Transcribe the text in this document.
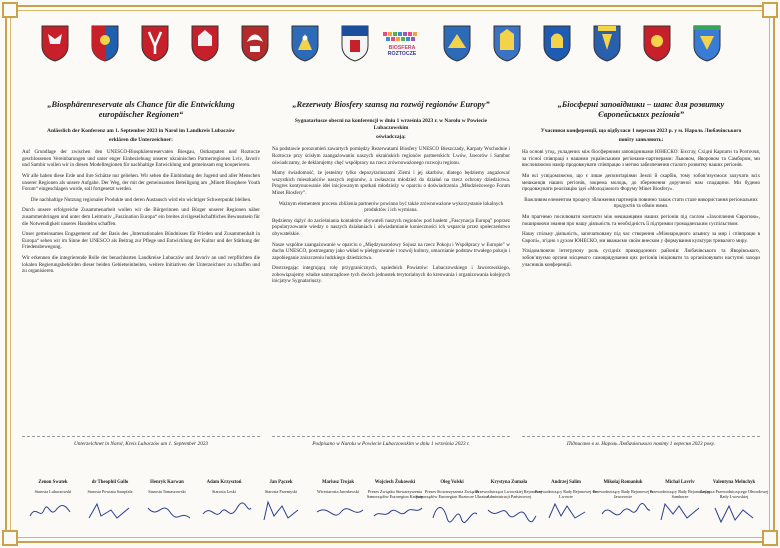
BIOSFERA
ROZTOCZE
„Biosphärenreservate als Chance für die Entwicklung europäischer Regionen“
Anlässlich der Konferenz am 1. September 2023 in Narol im Landkreis Lubaczów
erklären die Unterzeichner:

Auf Grundlage der zwischen den UNESCO-Biosphärenreservaten Biesgau, Ostkarpaten und Roztocze geschlossenen Vereinbarungen und unter enger Einbeziehung unserer ukrainischen Partnerregionen Lviv, Javoriv und Sambir wollen wir in diesen Modellregionen für nachhaltige Entwicklung und gemeinsam eng kooperieren.

Wir alle haben diese Erde und ihre Schätze nur geliehen. Wir sehen die Einbindung der Jugend und aller Menschen unserer Regionen als unsere Aufgabe. Der Weg, der mit der gemeinsamen Beteiligung am „Minett Biosphere Youth Forum“ eingeschlagen wurde, soll fortgesetzt werden.

Die nachhaltige Nutzung regionaler Produkte und deren Austausch wird ein wichtiger Schwerpunkt bleiben.

Durch unsere erfolgreiche Zusammenarbeit wollen wir die Bürgerinnen und Bürger unserer Regionen näher zusammenbringen und unter dem Leitmotiv „Faszination Europa“ ein breites zivilgesellschaftliches Bewusstsein für die Notwendigkeit unseres Handelns schaffen.

Unser gemeinsames Engagement auf der Basis des „Internationalen Bündnisses für Frieden und Zusammenhalt in Europa“ sehen wir im Sinne der UNESCO als Beitrag zur Pflege und Entwicklung der Kultur und der Stärkung der Friedensbewegung.

Wir erkennen die integrierende Rolle der benachbarten Landkreise Lubaczów und Javoriv an und verpflichten die lokalen Regierungsbehörden dieser beiden Gebietseinheiten, weitere Initiativen der Unterzeichner zu schaffen und zu organisieren.

„Rezerwaty Biosfery szansą na rozwój regionów Europy”
Sygnatariusze obecni na konferencji w dniu 1 września 2023 r. w Narolu w Powiecie Lubaczowskim
oświadczają:

Na podstawie porozumień zawartych pomiędzy Rezerwatami Biosfery UNESCO Bieszczady, Karpaty Wschodnie i Roztocze przy ścisłym zaangażowaniu naszych ukraińskich regionów partnerskich: Lwów, Jaworów i Sambor oświadczamy, że deklarujemy chęć współpracy na rzecz zrównoważonego rozwoju regionu.

Mamy świadomość, że jesteśmy tylko depozytariuszami Ziemi i jej skarbów, dlatego będziemy angażować wszystkich mieszkańców naszych regionów, a zwłaszcza młodzież do działań na rzecz ochrony dziedzictwa. Progres kontynuowanie idei inicjowanym spotkań młodzieży w oparciu o doświadczenia „Młodzieżowego Forum Minet Biosfery”.

Ważnym elementem procesu zbliżenia partnerów powinno być także zrównoważone wykorzystanie lokalnych produktów i ich wymiana.

Będziemy dążyć do zacieśniania kontaktów obywateli naszych regionów pod hasłem „Fascynacja Europą” poprzez popularyzowanie wiedzy o naszych działaniach i uświadamianie konieczności ich wsparcia przez społeczeństwo obywatelskie.

Nasze wspólne zaangażowanie w oparciu o „Międzynarodowy Sojusz na rzecz Pokoju i Współpracy w Europie” w duchu UNESCO, postrzegamy jako wkład w pielęgnowanie i rozwój kultury, umacnianie podstaw trwałego pokoju i zapobieganie zniszczeniu ludzkiego dziedzictwa.

Dostrzegając integrującą rolę przygranicznych, sąsiednich Powiatów: Lubaczowskiego i Jaworowskiego, zobowiązujemy władze samorządowe tych dwóch jednostek terytorialnych do kreowania i organizowania kolejnych inicjatyw Sygnatariuszy.

„Біосферні заповідники – шанс для розвитку Європейських регіонів”
Учасники конференції, що відбулася 1 вересня 2023 р. у м. Нароль Любачівського
повіту заявляють:

На основі угод, укладених між біосферними заповідниками ЮНЕСКО: Бієсгау, Східні Карпати та Розточчя, за тісної співпраці з нашими українськими регіонами-партнерами: Львовом, Яворовом та Самбором, ми висловлюємо намір продовжувати співпрацю з метою забезпечення сталого розвитку наших регіонів.

Ми всі усвідомлюємо, що є лише депозитаріями Землі й скарбів, тому зобов’язуємося залучати всіх мешканців наших регіонів, зокрема молодь, до збереження дорученої нам спадщини. Ми будемо продовжувати реалізацію ідеї «Молодіжного Форуму Minet Biosfery».

Важливим елементом процесу зближення партнерів повинно також стати стале використання регіональних продуктів та обмін ними.

Ми прагнемо посилювати контакти між мешканцями наших регіонів під гаслом «Захоплення Європою», поширюючи знання про нашу діяльність та необхідність її підтримки громадянським суспільством.

Нашу спільну діяльність, започатковану під час створення «Міжнародного альянсу за мир і співпрацю в Європі», згідно з духом ЮНЕСКО, ми вважаємо своїм внеском у формування культури тривалого миру.

Усвідомлюючи інтегруючу роль сусідніх прикордонних районів: Любачівського та Яворівського, зобов’язуємо органи місцевого самоврядування цих регіонів ініціювати та організовувати наступні заходи учасників конференції.

Unterzeichnet in Narol, Kreis Lubaczów am 1. September 2023	Podpisano w Narolu w Powiecie Lubaczowskim w dniu 1 września 2023 r.	Підписано в м. Нароль Любачівського повіту 1 вересня 2023 року.
Zenon Swatek
Starosta Lubaczowski
dr Theophil Gallo
Starosta Powiatu Saarpfalz
Henryk Karwan
Starosta Tomaszowski
Adam Krzysztoń
Starosta Leski
Jan Pączek
Starosta Przemyski
Mariusz Trojak
Wicestarosta Jarosławski
Wojciech Żukowski
Prezes Związku Stowarzyszenia Samorządów Euroregion Karpaty
Oleg Volski
Prezes Stowarzyszenia Związku Samorządów Euroregion Roztocze Ukraina
Krystyna Zumała
Przewodnicząca Lwowskiej Rejonowej Administracji Państwowej
Andrzej Salim
Przewodniczący Rady Rejonowej we Lwowie
Mikołaj Romaniuk
Przewodniczący Rady Rejonowej w Jaworowie
Michał Lavriv
Przewodniczący Rady Rejonowej w Samborze
Valentyna Melnchyk
Zastępca Przewodniczącego Obwodowej Rady Lwowskiej
